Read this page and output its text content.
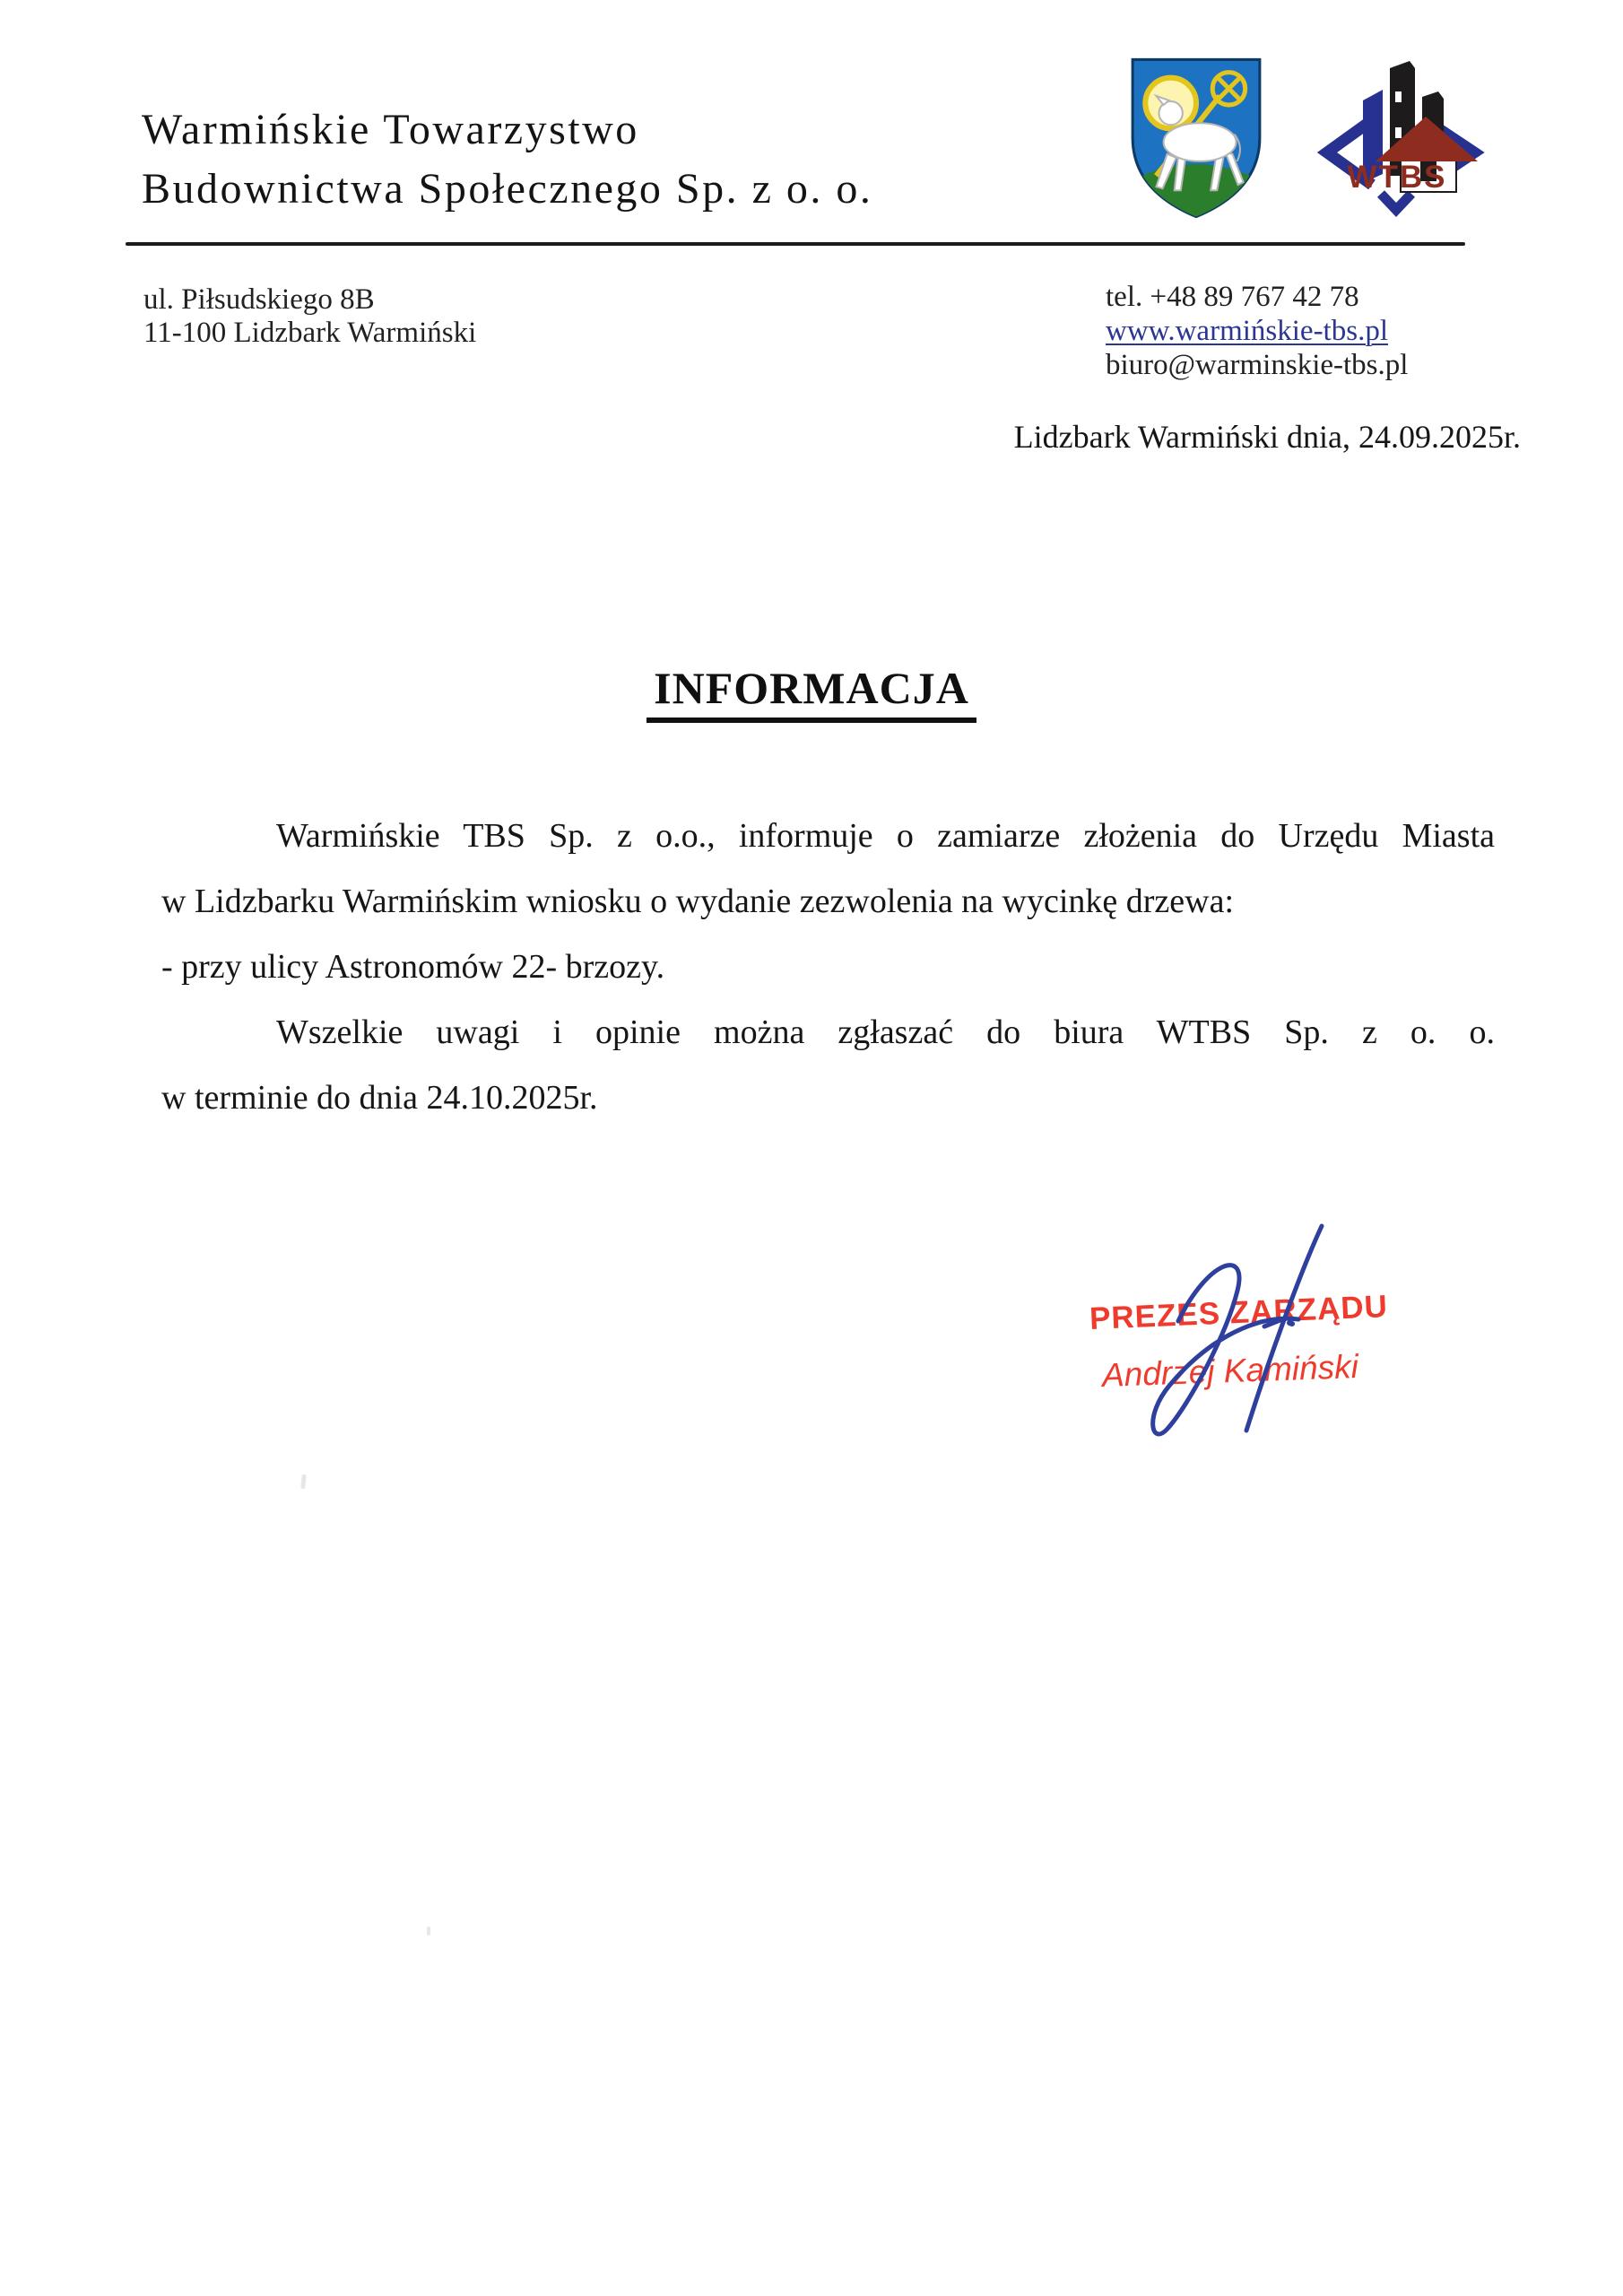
Warmińskie Towarzystwo
Budownictwa Społecznego Sp. z o. o.	WTBS
ul. Piłsudskiego 8B
11-100 Lidzbark Warmiński
tel. +48 89 767 42 78
www.warmińskie-tbs.pl
biuro@warminskie-tbs.pl
Lidzbark Warmiński dnia, 24.09.2025r.
INFORMACJA
Warmińskie TBS Sp. z o.o., informuje o zamiarze złożenia do Urzędu Miasta
w Lidzbarku Warmińskim wniosku o wydanie zezwolenia na wycinkę drzewa:
- przy ulicy Astronomów 22- brzozy.
Wszelkie uwagi i opinie można zgłaszać do biura WTBS Sp. z o. o.
w terminie do dnia 24.10.2025r.
PREZES ZARZĄDU
Andrzej Kamiński
